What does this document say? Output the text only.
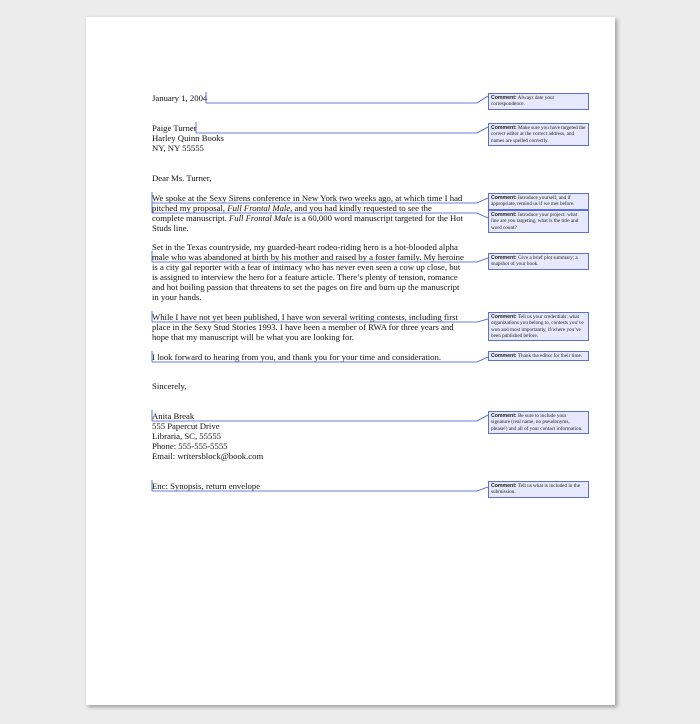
January 1, 2004
Paige Turner
Harley Quinn Books
NY, NY 55555
Dear Ms. Turner,
We spoke at the Sexy Sirens conference in New York two weeks ago, at which time I had
pitched my proposal, Full Frontal Male, and you had kindly requested to see the
complete manuscript. Full Frontal Male is a 60,000 word manuscript targeted for the Hot
Studs line.
Set in the Texas countryside, my guarded-heart rodeo-riding hero is a hot-blooded alpha
male who was abandoned at birth by his mother and raised by a foster family. My heroine
is a city gal reporter with a fear of intimacy who has never even seen a cow up close, but
is assigned to interview the hero for a feature article. There’s plenty of tension, romance
and hot boiling passion that threatens to set the pages on fire and burn up the manuscript
in your hands.
While I have not yet been published, I have won several writing contests, including first
place in the Sexy Stud Stories 1993. I have been a member of RWA for three years and
hope that my manuscript will be what you are looking for.
I look forward to hearing from you, and thank you for your time and consideration.
Sincerely,
Anita Break
555 Papercut Drive
Libraria, SC, 55555
Phone: 555-555-5555
Email: writersblock@book.com
Enc: Synopsis, return envelope
Comment: Always date your correspondence.
Comment: Make sure you have targeted the correct editor at the correct address, and names are spelled correctly.
Comment: Introduce yourself, and if appropriate, remind us if we met before.
Comment: Introduce your project: what line are you targeting, what is the title and word count?
Comment: Give a brief plot summary; a snapshot of your book.
Comment: Tell us your credentials: what organizations you belong to, contests you’ve won and most importantly, if/where you’ve been published before.
Comment: Thank the editor for their time.
Comment: Be sure to include your signature (real name, no pseudonyms, please!) and all of your contact information.
Comment: Tell us what is included in the submission.
